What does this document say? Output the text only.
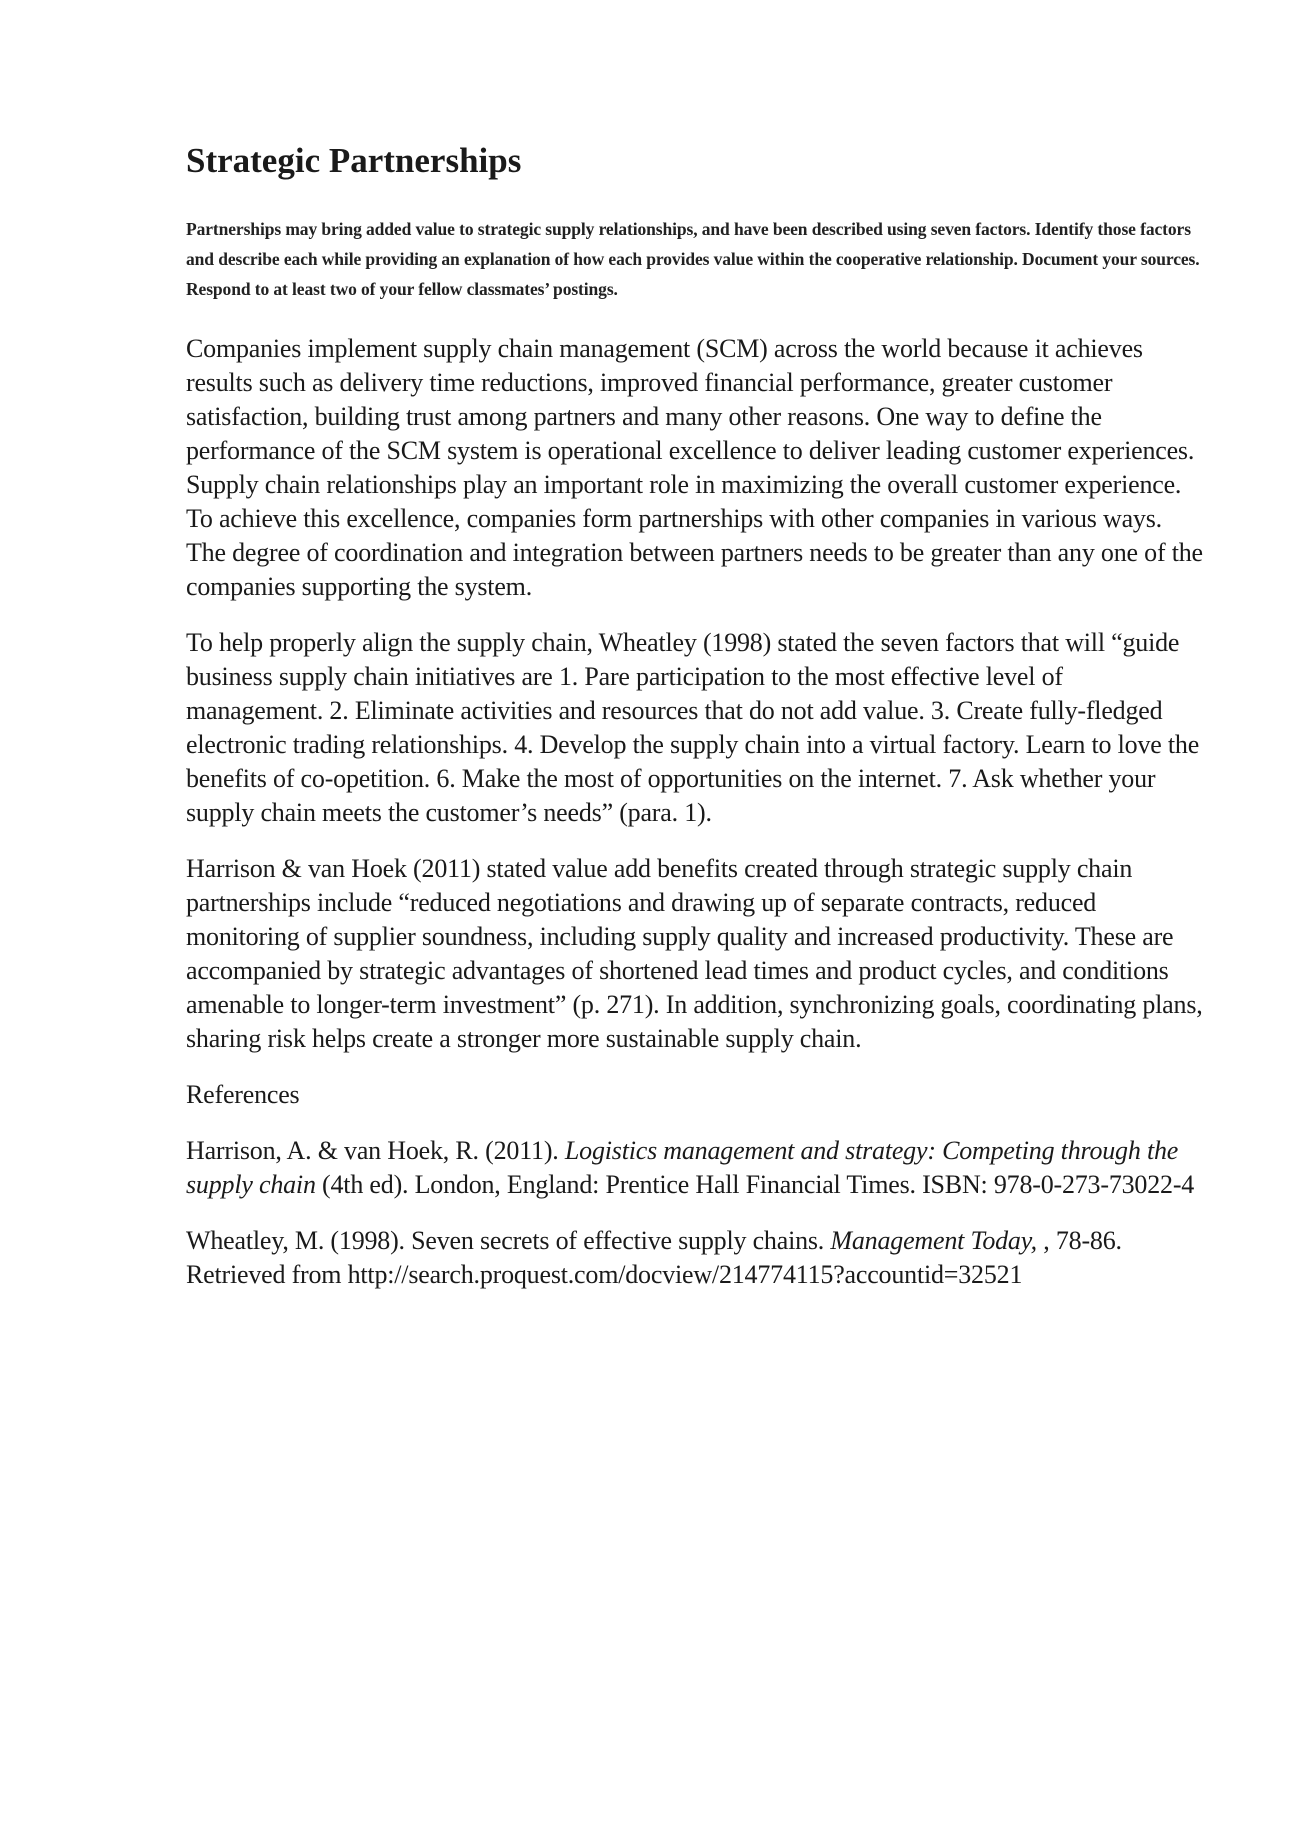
Strategic Partnerships

Partnerships may bring added value to strategic supply relationships, and have been described using seven factors. Identify those factors and describe each while providing an explanation of how each provides value within the cooperative relationship. Document your sources. Respond to at least two of your fellow classmates’ postings.

Companies implement supply chain management (SCM) across the world because it achieves results such as delivery time reductions, improved financial performance, greater customer satisfaction, building trust among partners and many other reasons. One way to define the performance of the SCM system is operational excellence to deliver leading customer experiences. Supply chain relationships play an important role in maximizing the overall customer experience. To achieve this excellence, companies form partnerships with other companies in various ways. The degree of coordination and integration between partners needs to be greater than any one of the companies supporting the system.

To help properly align the supply chain, Wheatley (1998) stated the seven factors that will “guide business supply chain initiatives are 1. Pare participation to the most effective level of management. 2. Eliminate activities and resources that do not add value. 3. Create fully-fledged electronic trading relationships. 4. Develop the supply chain into a virtual factory. Learn to love the benefits of co-opetition. 6. Make the most of opportunities on the internet. 7. Ask whether your supply chain meets the customer’s needs” (para. 1).

Harrison & van Hoek (2011) stated value add benefits created through strategic supply chain partnerships include “reduced negotiations and drawing up of separate contracts, reduced monitoring of supplier soundness, including supply quality and increased productivity. These are accompanied by strategic advantages of shortened lead times and product cycles, and conditions amenable to longer-term investment” (p. 271). In addition, synchronizing goals, coordinating plans, sharing risk helps create a stronger more sustainable supply chain.

References

Harrison, A. & van Hoek, R. (2011). Logistics management and strategy: Competing through the supply chain (4th ed). London, England: Prentice Hall Financial Times. ISBN: 978-0-273-73022-4

Wheatley, M. (1998). Seven secrets of effective supply chains. Management Today, , 78-86. Retrieved from http://search.proquest.com/docview/214774115?accountid=32521
